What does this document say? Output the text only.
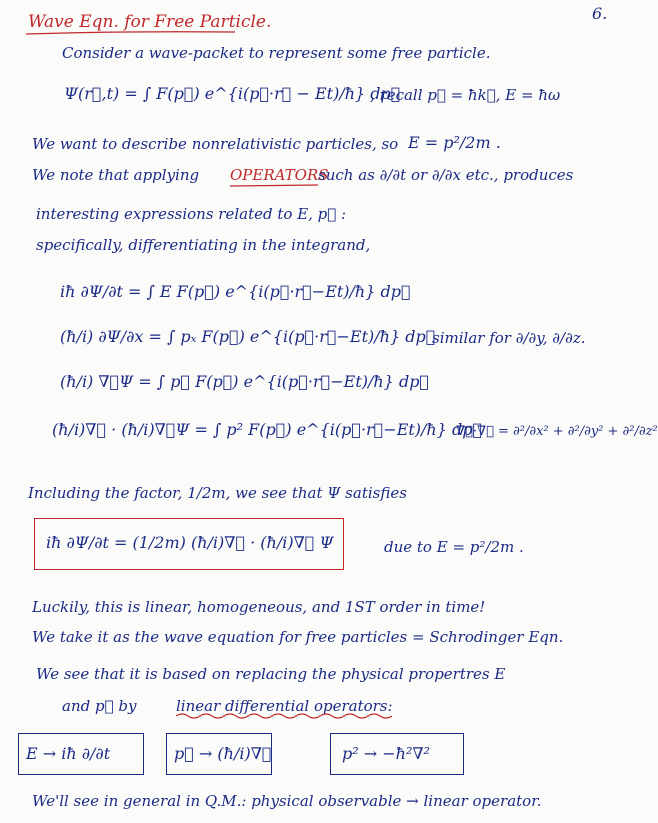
6.
Wave Eqn. for Free Particle.
Consider a wave-packet to represent some free particle.
Ψ(r⃗,t) = ∫ F(p⃗) e^{i(p⃗·r⃗ − Et)/ħ} dp⃗
, recall p⃗ = ħk⃗, E = ħω
We want to describe nonrelativistic particles, so E = p²/2m .
We note that applying OPERATORS
such as ∂/∂t or ∂/∂x etc., produces
interesting expressions related to E, p⃗ :
specifically, differentiating in the integrand,
iħ ∂Ψ/∂t = ∫ E F(p⃗) e^{i(p⃗·r⃗−Et)/ħ} dp⃗
(ħ/i) ∂Ψ/∂x = ∫ pₓ F(p⃗) e^{i(p⃗·r⃗−Et)/ħ} dp⃗
similar for ∂/∂y, ∂/∂z.
(ħ/i) ∇⃗Ψ = ∫ p⃗ F(p⃗) e^{i(p⃗·r⃗−Et)/ħ} dp⃗
(ħ/i)∇⃗ · (ħ/i)∇⃗Ψ = ∫ p² F(p⃗) e^{i(p⃗·r⃗−Et)/ħ} dp⃗
∇⃗·∇⃗ = ∂²/∂x² + ∂²/∂y² + ∂²/∂z²
Including the factor, 1/2m, we see that Ψ satisfies
iħ ∂Ψ/∂t = (1/2m) (ħ/i)∇⃗ · (ħ/i)∇⃗ Ψ	due to E = p²/2m .
Luckily, this is linear, homogeneous, and 1ST order in time!
We take it as the wave equation for free particles = Schrodinger Eqn.
We see that it is based on replacing the physical propertres E
and p⃗ by	linear differential operators:
E → iħ ∂/∂t	p⃗ → (ħ/i)∇⃗	p² → −ħ²∇²
We'll see in general in Q.M.: physical observable → linear operator.
